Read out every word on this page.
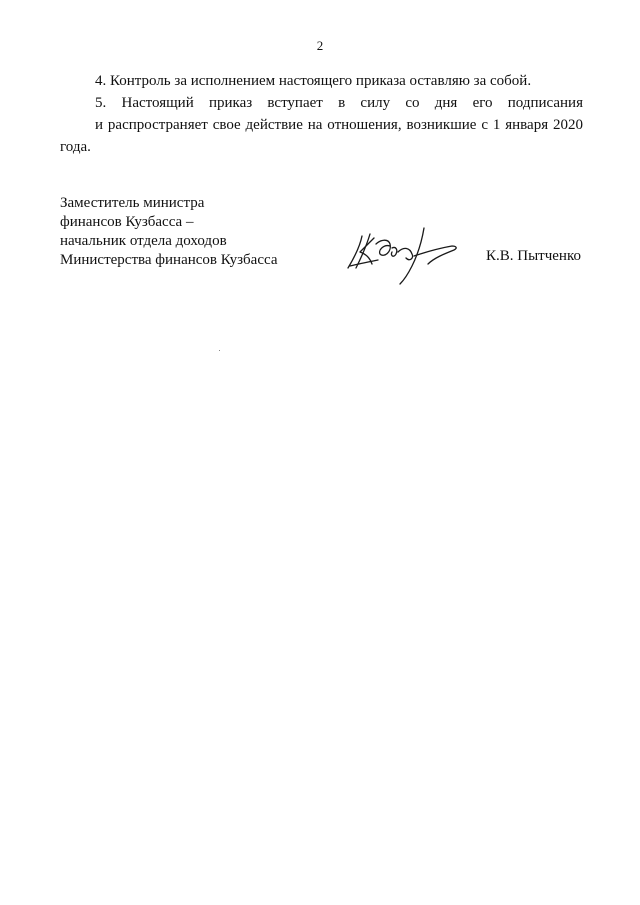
2

4. Контроль за исполнением настоящего приказа оставляю за собой.

5. Настоящий приказ вступает в силу со дня его подписания
и распространяет свое действие на отношения, возникшие с 1 января 2020 года.

Заместитель министра
финансов Кузбасса –
начальник отдела доходов
Министерства финансов Кузбасса	К.В. Пытченко
